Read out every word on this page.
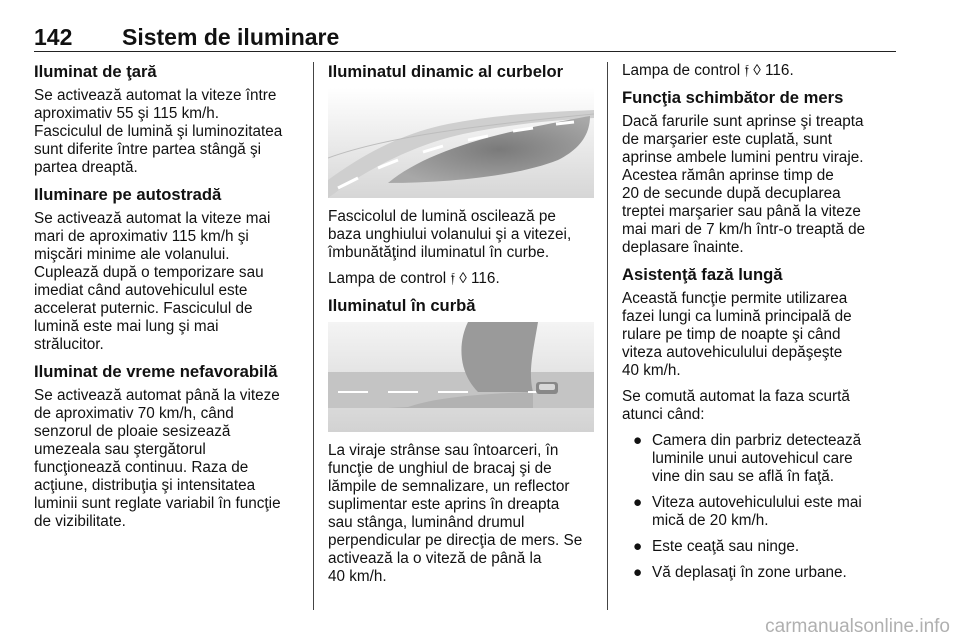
142 Sistem de iluminare
Iluminat de ţară

Se activează automat la viteze între
aproximativ 55 şi 115 km/h.
Fasciculul de lumină şi luminozitatea
sunt diferite între partea stângă şi
partea dreaptă.

Iluminare pe autostradă

Se activează automat la viteze mai
mari de aproximativ 115 km/h şi
mişcări minime ale volanului.
Cuplează după o temporizare sau
imediat când autovehiculul este
accelerat puternic. Fasciculul de
lumină este mai lung şi mai
strălucitor.

Iluminat de vreme nefavorabilă

Se activează automat până la viteze
de aproximativ 70 km/h, când
senzorul de ploaie sesizează
umezeala sau ştergătorul
funcţionează continuu. Raza de
acţiune, distribuţia şi intensitatea
luminii sunt reglate variabil în funcţie
de vizibilitate.

Iluminatul dinamic al curbelor

Fascicolul de lumină oscilează pe
baza unghiului volanului şi a vitezei,
îmbunătăţind iluminatul în curbe.

Lampa de control 𝔣 ◊ 116.

Iluminatul în curbă

La viraje strânse sau întoarceri, în
funcţie de unghiul de bracaj şi de
lămpile de semnalizare, un reflector
suplimentar este aprins în dreapta
sau stânga, luminând drumul
perpendicular pe direcţia de mers. Se
activează la o viteză de până la
40 km/h.

Lampa de control 𝔣 ◊ 116.

Funcţia schimbător de mers

Dacă farurile sunt aprinse şi treapta
de marşarier este cuplată, sunt
aprinse ambele lumini pentru viraje.
Acestea rămân aprinse timp de
20 de secunde după decuplarea
treptei marşarier sau până la viteze
mai mari de 7 km/h într-o treaptă de
deplasare înainte.

Asistenţă fază lungă

Această funcţie permite utilizarea
fazei lungi ca lumină principală de
rulare pe timp de noapte şi când
viteza autovehiculului depăşeşte
40 km/h.

Se comută automat la faza scurtă
atunci când:

● Camera din parbriz detectează
luminile unui autovehicul care
vine din sau se află în faţă.
● Viteza autovehiculului este mai
mică de 20 km/h.
● Este ceaţă sau ninge.
● Vă deplasaţi în zone urbane.
carmanualsonline.info
